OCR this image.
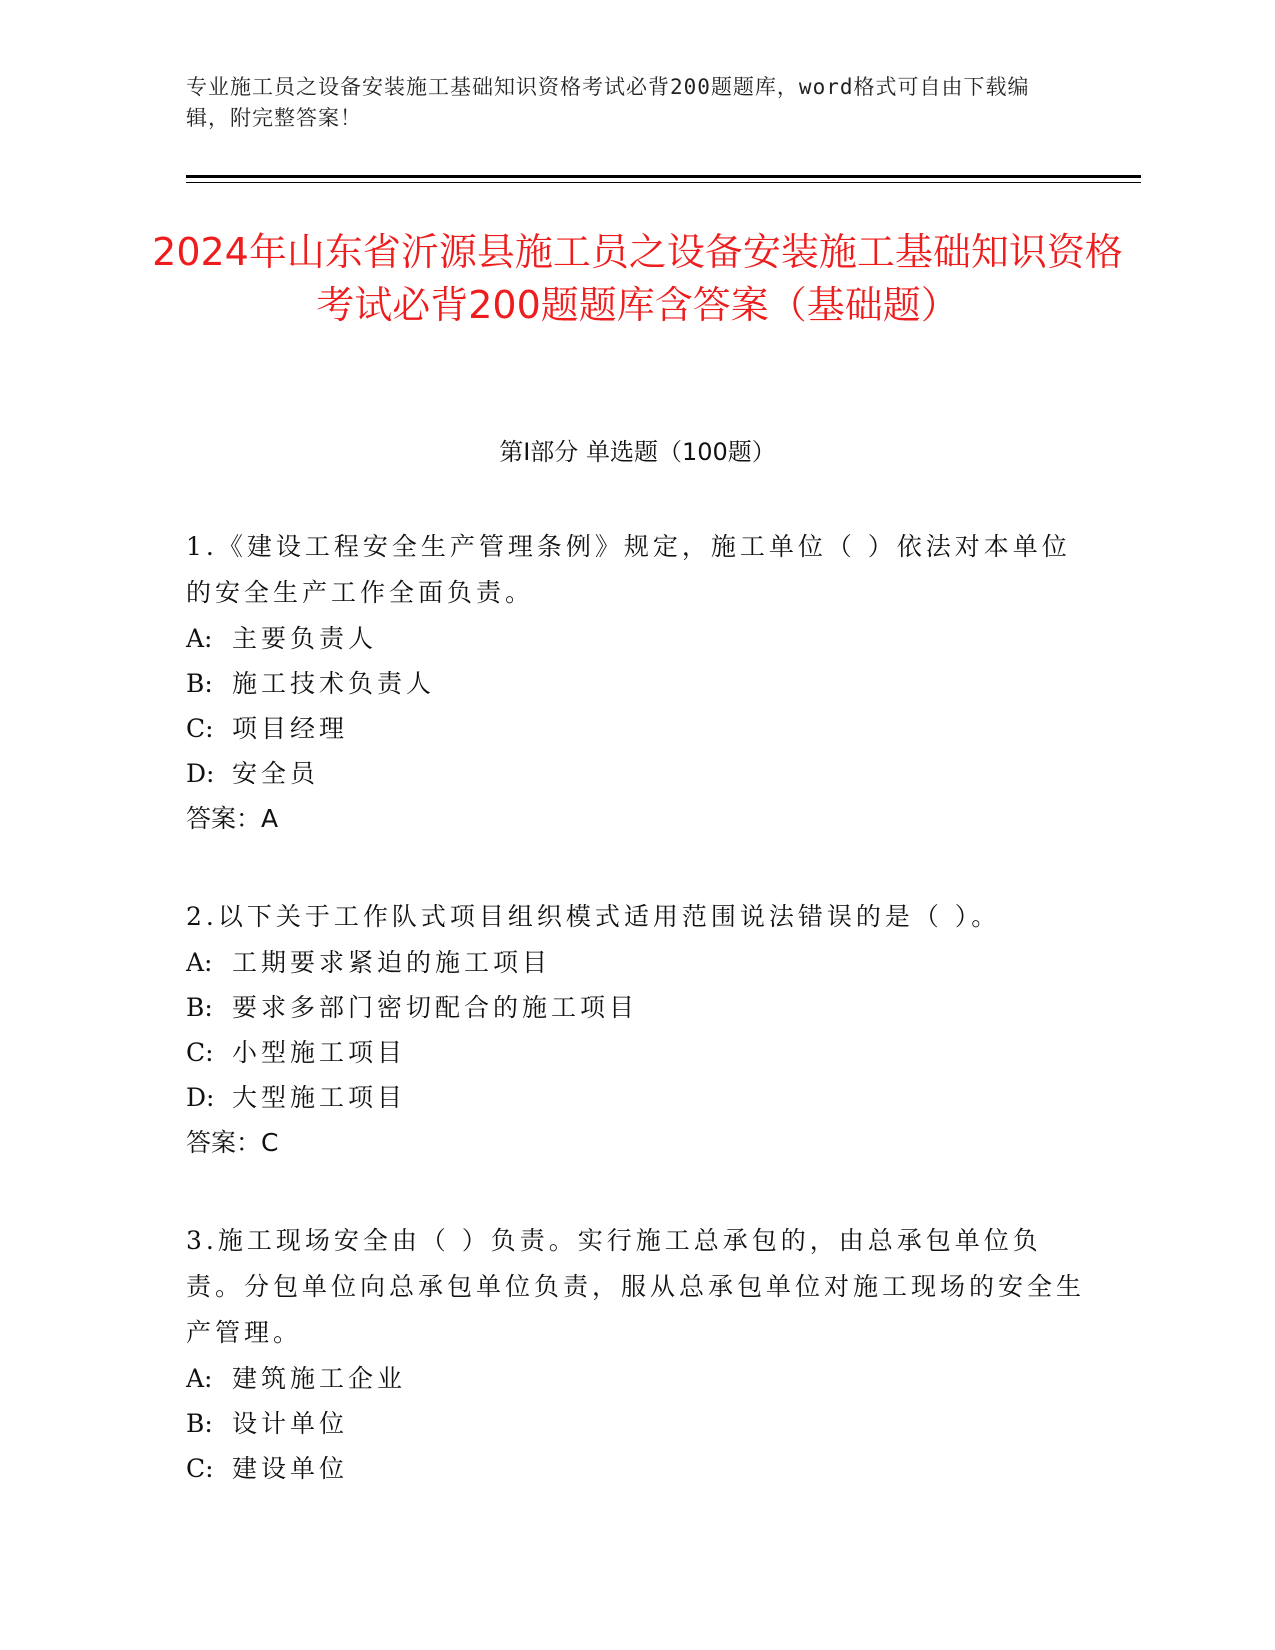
专业施工员之设备安装施工基础知识资格考试必背200题题库，word格式可自由下载编辑，附完整答案！
2024年山东省沂源县施工员之设备安装施工基础知识资格考试必背200题题库含答案（基础题）
第Ⅰ部分 单选题（100题）
1.《建设工程安全生产管理条例》规定，施工单位（ ）依法对本单位的安全生产工作全面负责。
A: 主要负责人
B: 施工技术负责人
C: 项目经理
D: 安全员
答案：A
2.以下关于工作队式项目组织模式适用范围说法错误的是（ ）。
A: 工期要求紧迫的施工项目
B: 要求多部门密切配合的施工项目
C: 小型施工项目
D: 大型施工项目
答案：C
3.施工现场安全由（ ）负责。实行施工总承包的，由总承包单位负责。分包单位向总承包单位负责，服从总承包单位对施工现场的安全生产管理。
A: 建筑施工企业
B: 设计单位
C: 建设单位
